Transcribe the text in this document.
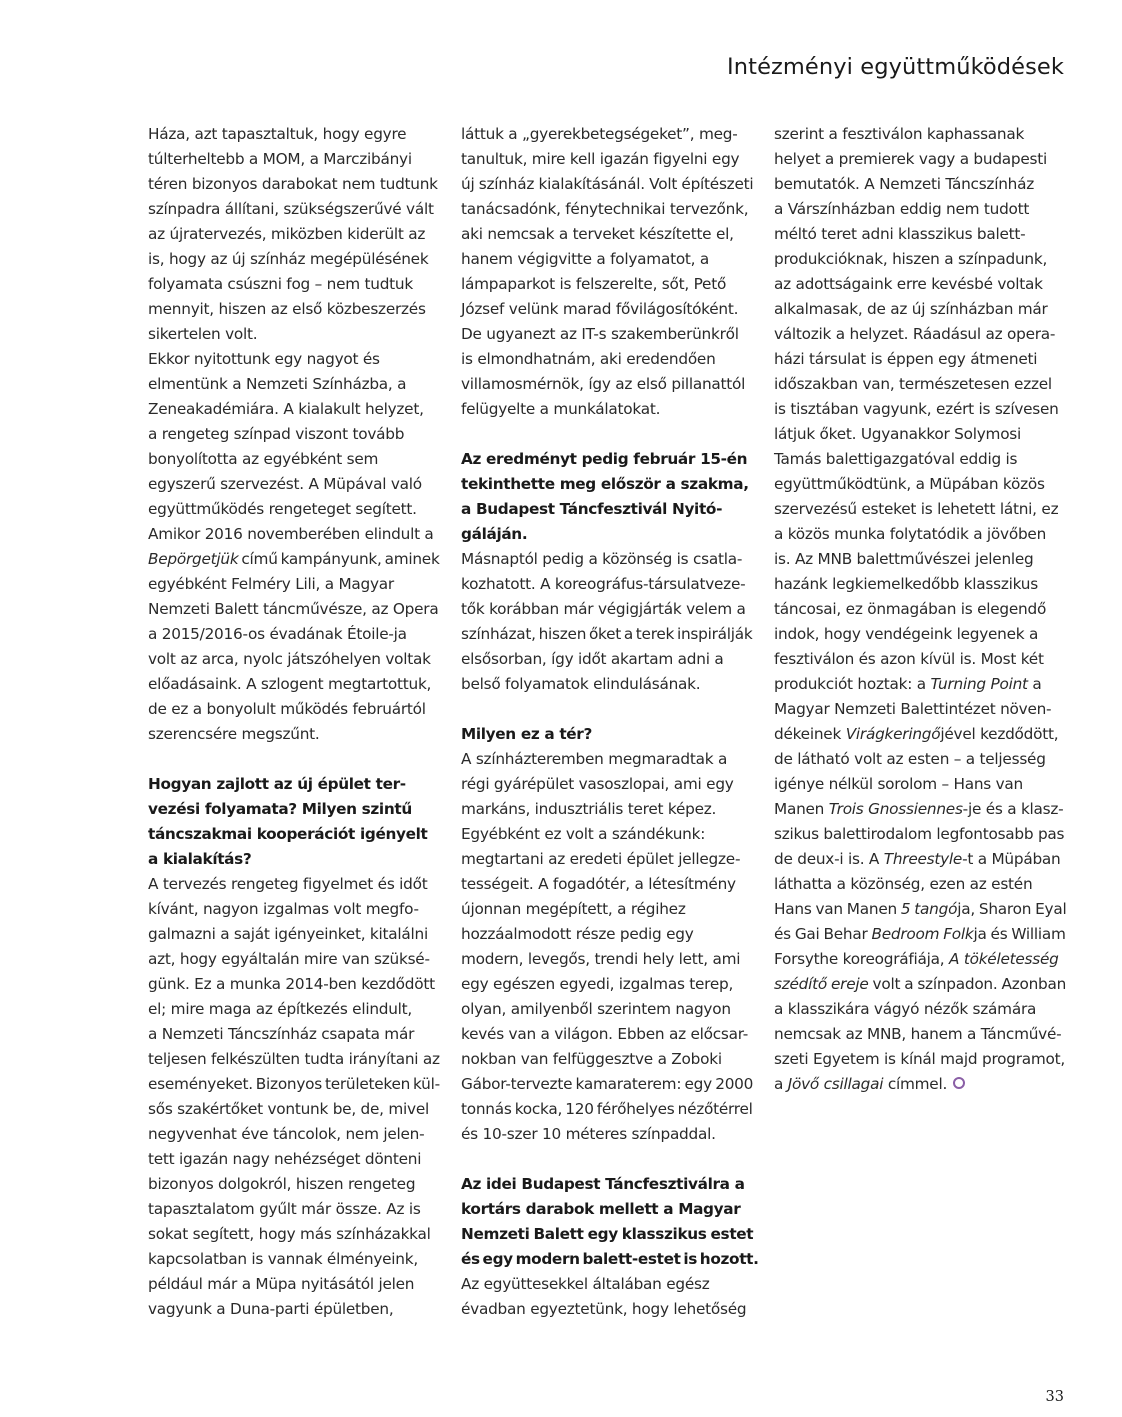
Intézményi együttműködések
Háza, azt tapasztaltuk, hogy egyre
túlterheltebb a MOM, a Marczibányi
téren bizonyos darabokat nem tudtunk
színpadra állítani, szükségszerűvé vált
az újratervezés, miközben kiderült az
is, hogy az új színház megépülésének
folyamata csúszni fog – nem tudtuk
mennyit, hiszen az első közbeszerzés
sikertelen volt.
Ekkor nyitottunk egy nagyot és
elmentünk a Nemzeti Színházba, a
Zeneakadémiára. A kialakult helyzet,
a rengeteg színpad viszont tovább
bonyolította az egyébként sem
egyszerű szervezést. A Müpával való
együttműködés rengeteget segített.
Amikor 2016 novemberében elindult a
Bepörgetjük című kampányunk, aminek
egyébként Felméry Lili, a Magyar
Nemzeti Balett táncművésze, az Opera
a 2015/2016-os évadának Étoile-ja
volt az arca, nyolc játszóhelyen voltak
előadásaink. A szlogent megtartottuk,
de ez a bonyolult működés februártól
szerencsére megszűnt.
Hogyan zajlott az új épület ter-
vezési folyamata? Milyen szintű
táncszakmai kooperációt igényelt
a kialakítás?
A tervezés rengeteg figyelmet és időt
kívánt, nagyon izgalmas volt megfo-
galmazni a saját igényeinket, kitalálni
azt, hogy egyáltalán mire van szüksé-
günk. Ez a munka 2014-ben kezdődött
el; mire maga az építkezés elindult,
a Nemzeti Táncszínház csapata már
teljesen felkészülten tudta irányítani az
eseményeket. Bizonyos területeken kül-
sős szakértőket vontunk be, de, mivel
negyvenhat éve táncolok, nem jelen-
tett igazán nagy nehézséget dönteni
bizonyos dolgokról, hiszen rengeteg
tapasztalatom gyűlt már össze. Az is
sokat segített, hogy más színházakkal
kapcsolatban is vannak élményeink,
például már a Müpa nyitásától jelen
vagyunk a Duna-parti épületben,
láttuk a „gyerekbetegségeket”, meg-
tanultuk, mire kell igazán figyelni egy
új színház kialakításánál. Volt építészeti
tanácsadónk, fénytechnikai tervezőnk,
aki nemcsak a terveket készítette el,
hanem végigvitte a folyamatot, a
lámpaparkot is felszerelte, sőt, Pető
József velünk marad fővilágosítóként.
De ugyanezt az IT-s szakemberünkről
is elmondhatnám, aki eredendően
villamosmérnök, így az első pillanattól
felügyelte a munkálatokat.
Az eredményt pedig február 15-én
tekinthette meg először a szakma,
a Budapest Táncfesztivál Nyitó-
gáláján.
Másnaptól pedig a közönség is csatla-
kozhatott. A koreográfus-társulatveze-
tők korábban már végigjárták velem a
színházat, hiszen őket a terek inspirálják
elsősorban, így időt akartam adni a
belső folyamatok elindulásának.
Milyen ez a tér?
A színházteremben megmaradtak a
régi gyárépület vasoszlopai, ami egy
markáns, indusztriális teret képez.
Egyébként ez volt a szándékunk:
megtartani az eredeti épület jellegze-
tességeit. A fogadótér, a létesítmény
újonnan megépített, a régihez
hozzáalmodott része pedig egy
modern, levegős, trendi hely lett, ami
egy egészen egyedi, izgalmas terep,
olyan, amilyenből szerintem nagyon
kevés van a világon. Ebben az előcsar-
nokban van felfüggesztve a Zoboki
Gábor-tervezte kamaraterem: egy 2000
tonnás kocka, 120 férőhelyes nézőtérrel
és 10-szer 10 méteres színpaddal.
Az idei Budapest Táncfesztiválra a
kortárs darabok mellett a Magyar
Nemzeti Balett egy klasszikus estet
és egy modern balett-estet is hozott.
Az együttesekkel általában egész
évadban egyeztetünk, hogy lehetőség
szerint a fesztiválon kaphassanak
helyet a premierek vagy a budapesti
bemutatók. A Nemzeti Táncszínház
a Várszínházban eddig nem tudott
méltó teret adni klasszikus balett-
produkcióknak, hiszen a színpadunk,
az adottságaink erre kevésbé voltak
alkalmasak, de az új színházban már
változik a helyzet. Ráadásul az opera-
házi társulat is éppen egy átmeneti
időszakban van, természetesen ezzel
is tisztában vagyunk, ezért is szívesen
látjuk őket. Ugyanakkor Solymosi
Tamás balettigazgatóval eddig is
együttműködtünk, a Müpában közös
szervezésű esteket is lehetett látni, ez
a közös munka folytatódik a jövőben
is. Az MNB balettművészei jelenleg
hazánk legkiemelkedőbb klasszikus
táncosai, ez önmagában is elegendő
indok, hogy vendégeink legyenek a
fesztiválon és azon kívül is. Most két
produkciót hoztak: a Turning Point a
Magyar Nemzeti Balettintézet növen-
dékeinek Virágkeringőjével kezdődött,
de látható volt az esten – a teljesség
igénye nélkül sorolom – Hans van
Manen Trois Gnossiennes-je és a klasz-
szikus balettirodalom legfontosabb pas
de deux-i is. A Threestyle-t a Müpában
láthatta a közönség, ezen az estén
Hans van Manen 5 tangója, Sharon Eyal
és Gai Behar Bedroom Folkja és William
Forsythe koreográfiája, A tökéletesség
szédítő ereje volt a színpadon. Azonban
a klasszikára vágyó nézők számára
nemcsak az MNB, hanem a Táncművé-
szeti Egyetem is kínál majd programot,
a Jövő csillagai címmel.
33
